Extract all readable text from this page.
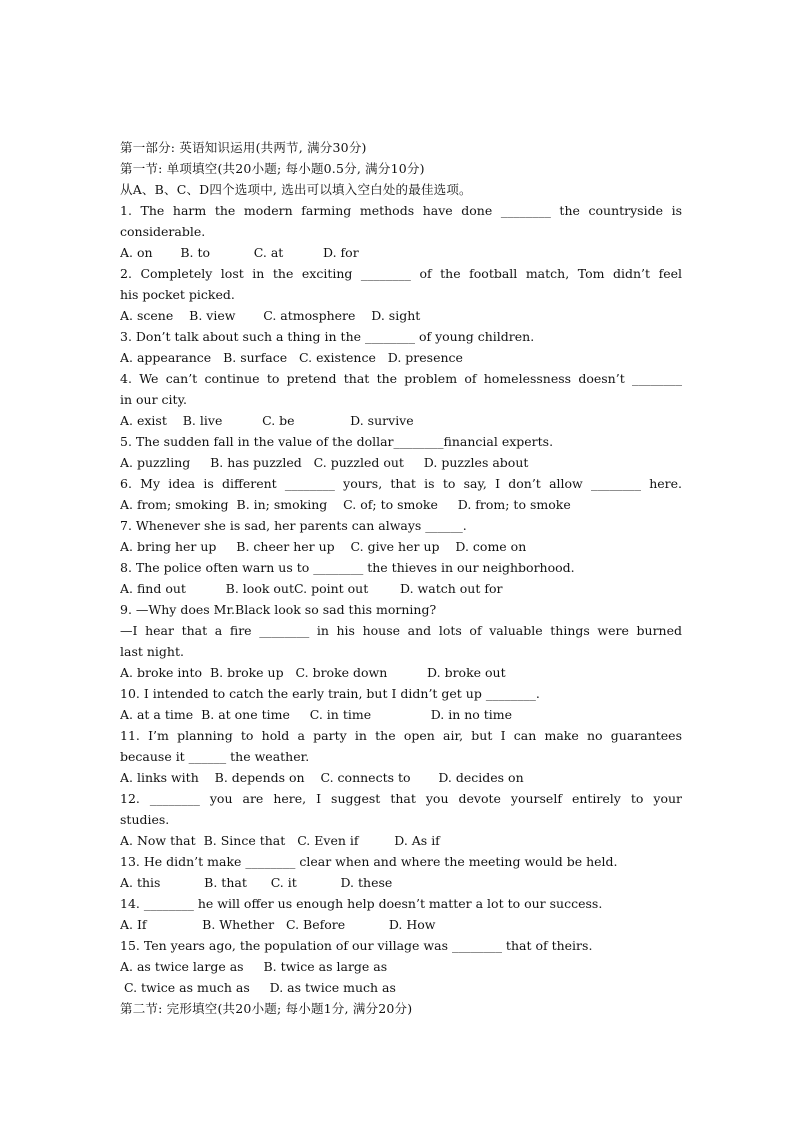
第一部分: 英语知识运用(共两节, 满分30分)
第一节: 单项填空(共20小题; 每小题0.5分, 满分10分)
从A、B、C、D四个选项中, 选出可以填入空白处的最佳选项。
1. The harm the modern farming methods have done ________ the countryside is
considerable.
A. on       B. to           C. at          D. for
2. Completely lost in the exciting ________ of the football match, Tom didn’t feel
his pocket picked.
A. scene    B. view       C. atmosphere    D. sight
3. Don’t talk about such a thing in the ________ of young children.
A. appearance   B. surface   C. existence   D. presence
4. We can’t continue to pretend that the problem of homelessness doesn’t ________
in our city.
A. exist    B. live          C. be              D. survive
5. The sudden fall in the value of the dollar________financial experts.
A. puzzling     B. has puzzled   C. puzzled out     D. puzzles about
6. My idea is different ________ yours, that is to say, I don’t allow ________ here.
A. from; smoking  B. in; smoking    C. of; to smoke     D. from; to smoke
7. Whenever she is sad, her parents can always ______.
A. bring her up     B. cheer her up    C. give her up    D. come on
8. The police often warn us to ________ the thieves in our neighborhood.
A. find out          B. look outC. point out        D. watch out for
9. —Why does Mr.Black look so sad this morning?
—I hear that a fire ________ in his house and lots of valuable things were burned
last night.
A. broke into  B. broke up   C. broke down          D. broke out
10. I intended to catch the early train, but I didn’t get up ________.
A. at a time  B. at one time     C. in time               D. in no time
11. I’m planning to hold a party in the open air, but I can make no guarantees
because it ______ the weather.
A. links with    B. depends on    C. connects to       D. decides on
12. ________ you are here, I suggest that you devote yourself entirely to your
studies.
A. Now that  B. Since that   C. Even if         D. As if
13. He didn’t make ________ clear when and where the meeting would be held.
A. this           B. that      C. it           D. these
14. ________ he will offer us enough help doesn’t matter a lot to our success.
A. If              B. Whether   C. Before           D. How
15. Ten years ago, the population of our village was ________ that of theirs.
A. as twice large as     B. twice as large as
C. twice as much as     D. as twice much as
第二节: 完形填空(共20小题; 每小题1分, 满分20分)
